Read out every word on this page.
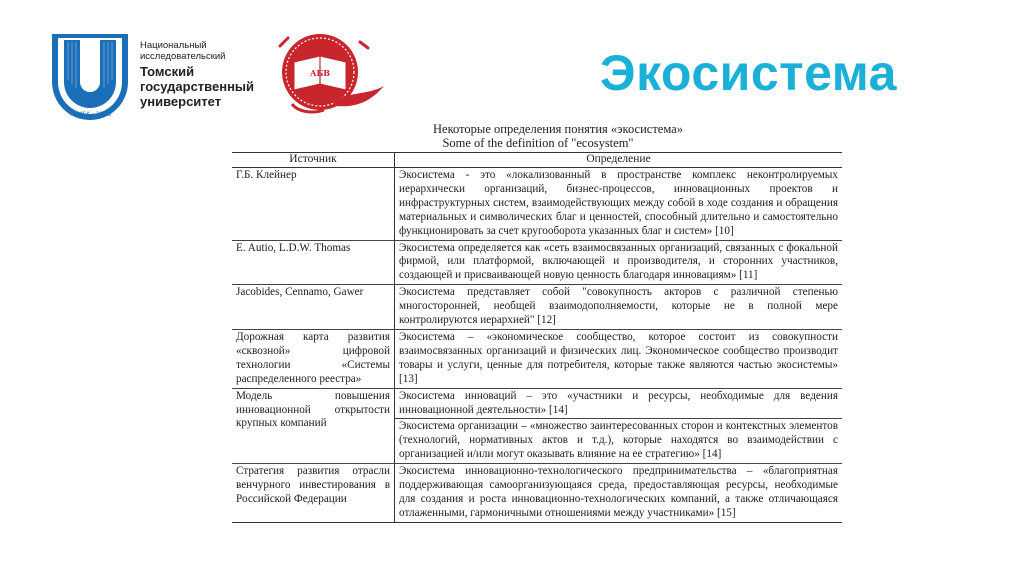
TOMSK · 1878
Национальный
исследовательский
Томский
государственный
университет
АБВ	Экосистема
Некоторые определения понятия «экосистема»
Some of the definition of "ecosystem"
Источник	Определение
Г.Б. Клейнер	Экосистема - это «локализованный в пространстве комплекс неконтролируемых иерархически организаций, бизнес-процессов, инновационных проектов и инфраструктурных систем, взаимодействующих между собой в ходе создания и обращения материальных и символических благ и ценностей, способный длительно и самостоятельно функционировать за счет кругооборота указанных благ и систем» [10]
E. Autio, L.D.W. Thomas	Экосистема определяется как «сеть взаимосвязанных организаций, связанных с фокальной фирмой, или платформой, включающей и производителя, и сторонних участников, создающей и присваивающей новую ценность благодаря инновациям» [11]
Jacobides, Cennamo, Gawer	Экосистема представляет собой "совокупность акторов с различной степенью многосторонней, необщей взаимодополняемости, которые не в полной мере контролируются иерархией" [12]
Дорожная карта развития «сквозной» цифровой технологии «Системы распределенного реестра»	Экосистема – «экономическое сообщество, которое состоит из совокупности взаимосвязанных организаций и физических лиц. Экономическое сообщество производит товары и услуги, ценные для потребителя, которые также являются частью экосистемы» [13]
Модель повышения инновационной открытости крупных компаний	Экосистема инноваций – это «участники и ресурсы, необходимые для ведения инновационной деятельности» [14]
	Экосистема организации – «множество заинтересованных сторон и контекстных элементов (технологий, нормативных актов и т.д.), которые находятся во взаимодействии с организацией и/или могут оказывать влияние на ее стратегию» [14]
Стратегия развития отрасли венчурного инвестирования в Российской Федерации	Экосистема инновационно-технологического предпринимательства – «благоприятная поддерживающая самоорганизующаяся среда, предоставляющая ресурсы, необходимые для создания и роста инновационно-технологических компаний, а также отличающаяся отлаженными, гармоничными отношениями между участниками» [15]
